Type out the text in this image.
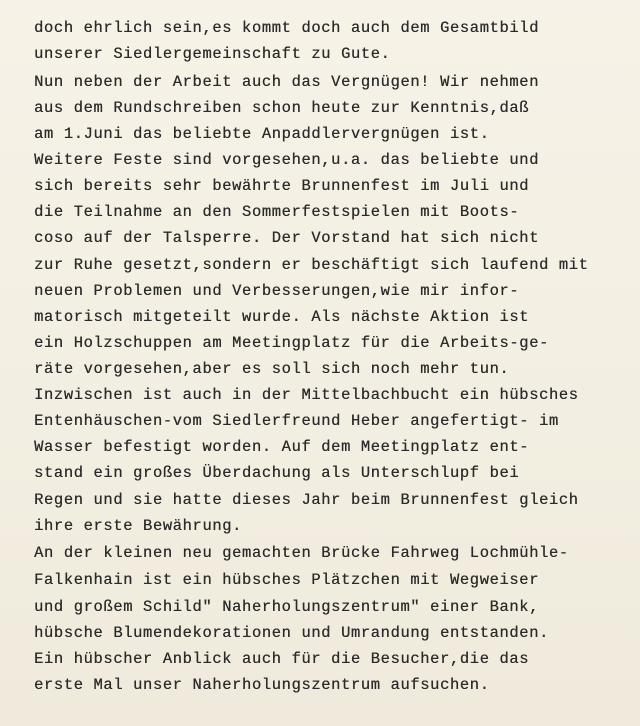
doch ehrlich sein,es kommt doch auch dem Gesamtbild
unserer Siedlergemeinschaft zu Gute.
Nun neben der Arbeit auch das Vergnügen! Wir nehmen
aus dem Rundschreiben schon heute zur Kenntnis,daß
am 1.Juni das beliebte Anpaddlervergnügen ist.
Weitere Feste sind vorgesehen,u.a. das beliebte und
sich bereits sehr bewährte Brunnenfest im Juli und
die Teilnahme an den Sommerfestspielen mit Boots-
coso auf der Talsperre. Der Vorstand hat sich nicht
zur Ruhe gesetzt,sondern er beschäftigt sich laufend mit
neuen Problemen und Verbesserungen,wie mir infor-
matorisch mitgeteilt wurde. Als nächste Aktion ist
ein Holzschuppen am Meetingplatz für die Arbeits-ge-
räte vorgesehen,aber es soll sich noch mehr tun.
Inzwischen ist auch in der Mittelbachbucht ein hübsches
Entenhäuschen-vom Siedlerfreund Heber angefertigt- im
Wasser befestigt worden. Auf dem Meetingplatz ent-
stand ein großes Überdachung als Unterschlupf bei
Regen und sie hatte dieses Jahr beim Brunnenfest gleich
ihre erste Bewährung.
An der kleinen neu gemachten Brücke Fahrweg Lochmühle-
Falkenhain ist ein hübsches Plätzchen mit Wegweiser
und großem Schild" Naherholungszentrum" einer Bank,
hübsche Blumendekorationen und Umrandung entstanden.
Ein hübscher Anblick auch für die Besucher,die das
erste Mal unser Naherholungszentrum aufsuchen.
